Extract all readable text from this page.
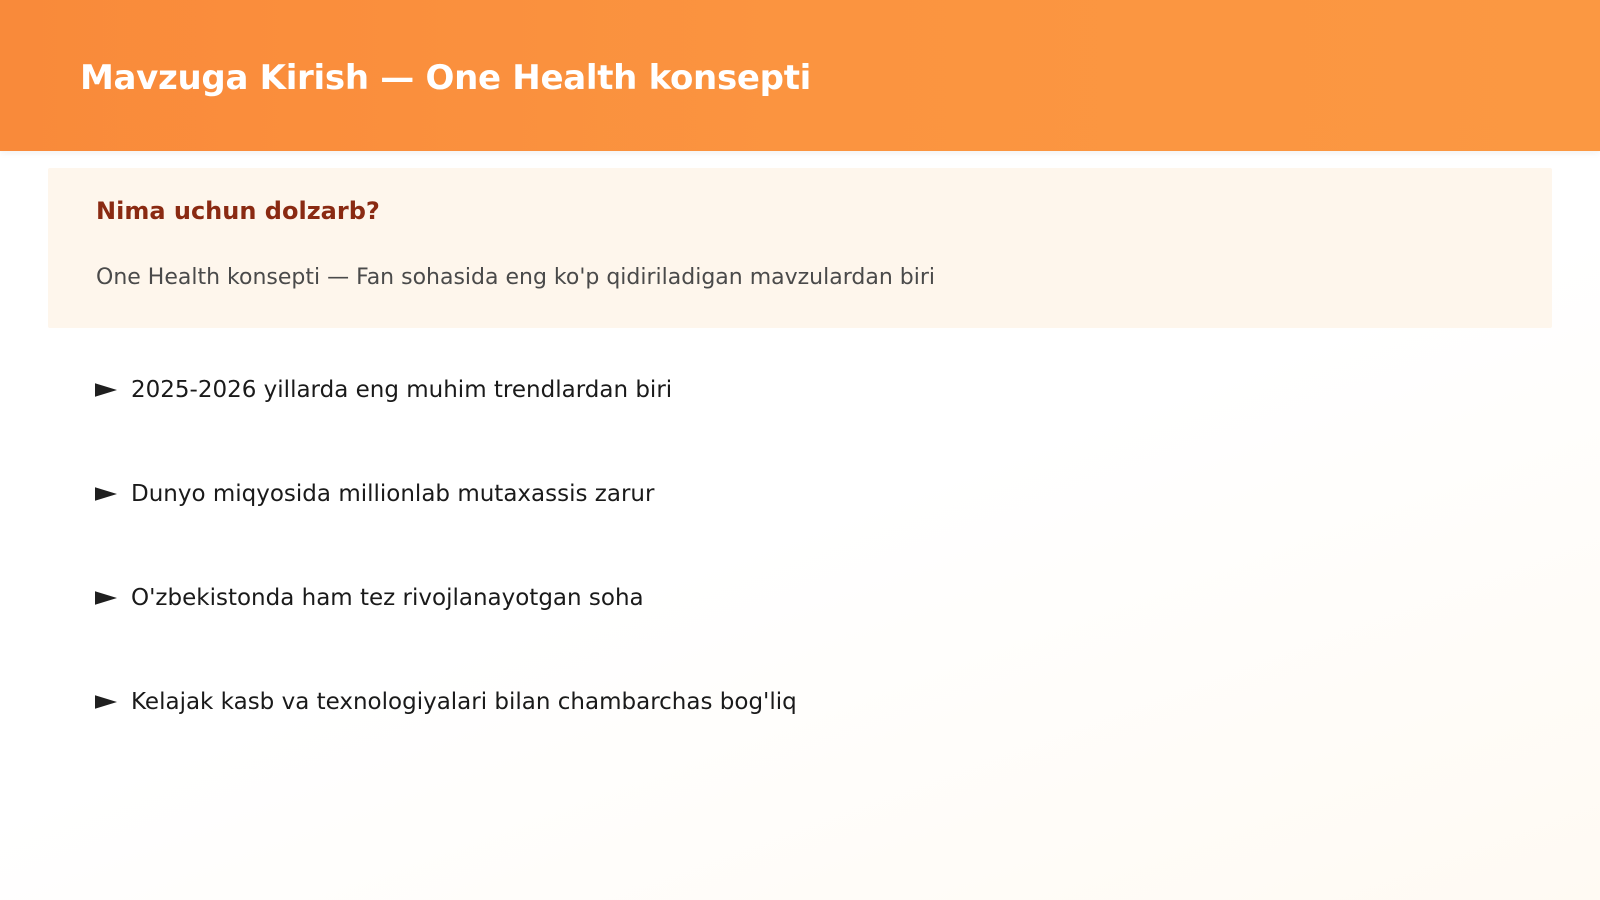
Mavzuga Kirish — One Health konsepti
Nima uchun dolzarb?

One Health konsepti — Fan sohasida eng ko'p qidiriladigan mavzulardan biri

2025-2026 yillarda eng muhim trendlardan biri
Dunyo miqyosida millionlab mutaxassis zarur
O'zbekistonda ham tez rivojlanayotgan soha
Kelajak kasb va texnologiyalari bilan chambarchas bog'liq
